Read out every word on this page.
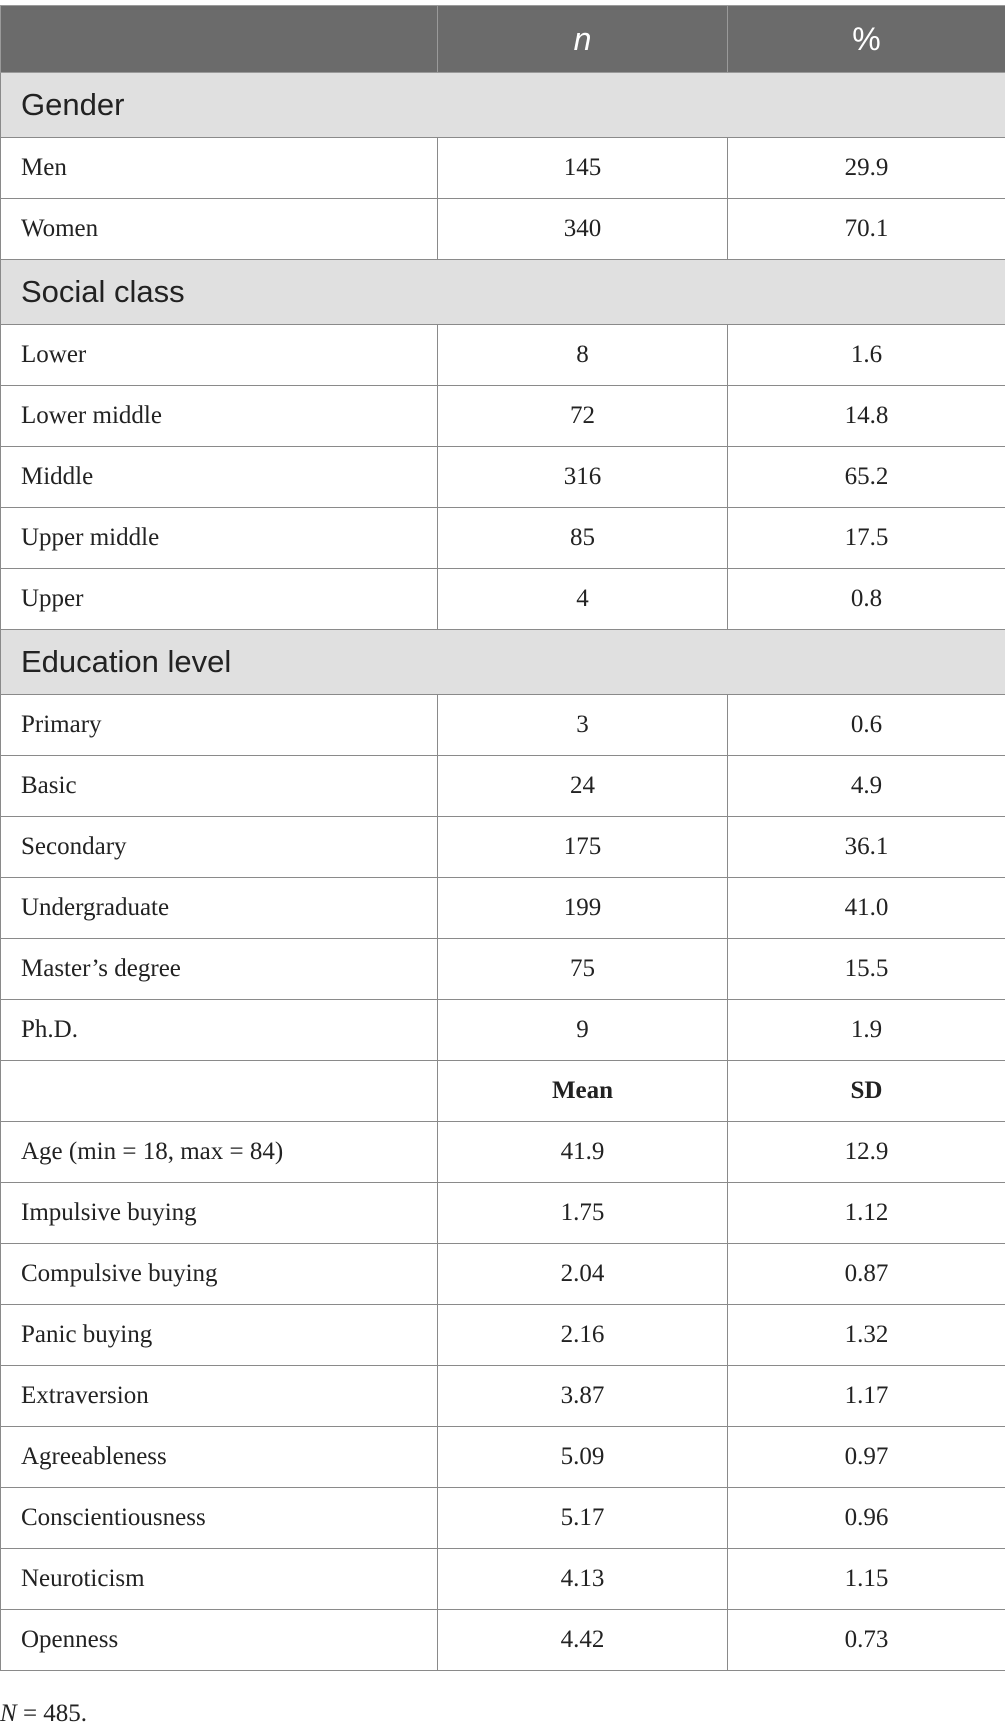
	n	%
Gender		
Men	145	29.9
Women	340	70.1
Social class		
Lower	8	1.6
Lower middle	72	14.8
Middle	316	65.2
Upper middle	85	17.5
Upper	4	0.8
Education level		
Primary	3	0.6
Basic	24	4.9
Secondary	175	36.1
Undergraduate	199	41.0
Master’s degree	75	15.5
Ph.D.	9	1.9
	Mean	SD
Age (min = 18, max = 84)	41.9	12.9
Impulsive buying	1.75	1.12
Compulsive buying	2.04	0.87
Panic buying	2.16	1.32
Extraversion	3.87	1.17
Agreeableness	5.09	0.97
Conscientiousness	5.17	0.96
Neuroticism	4.13	1.15
Openness	4.42	0.73
N = 485.
